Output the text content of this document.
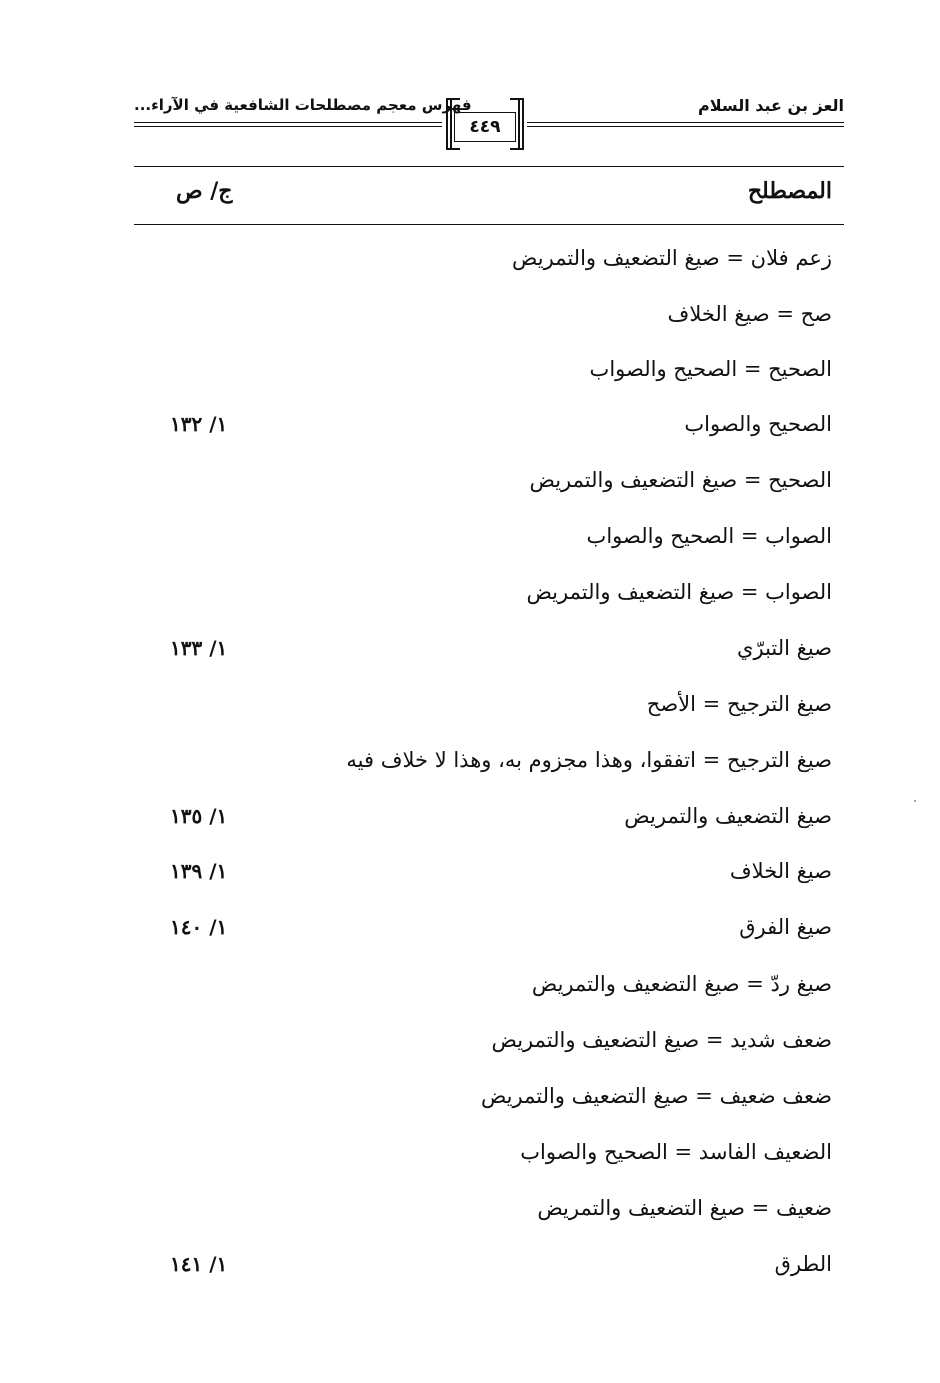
العز بن عبد السلام
فهرس معجم مصطلحات الشافعية في الآراء...
٤٤٩
المصطلح
ج/ ص
زعم فلان = صيغ التضعيف والتمريض
صح = صيغ الخلاف
الصحيح = الصحيح والصواب
الصحيح والصواب
١/ ١٣٢
الصحيح = صيغ التضعيف والتمريض
الصواب = الصحيح والصواب
الصواب = صيغ التضعيف والتمريض
صيغ التبرّي
١/ ١٣٣
صيغ الترجيح = الأصح
صيغ الترجيح = اتفقوا، وهذا مجزوم به، وهذا لا خلاف فيه
صيغ التضعيف والتمريض
١/ ١٣٥
صيغ الخلاف
١/ ١٣٩
صيغ الفرق
١/ ١٤٠
صيغ ردّ = صيغ التضعيف والتمريض
ضعف شديد = صيغ التضعيف والتمريض
ضعف ضعيف = صيغ التضعيف والتمريض
الضعيف الفاسد = الصحيح والصواب
ضعيف = صيغ التضعيف والتمريض
الطرق
١/ ١٤١
